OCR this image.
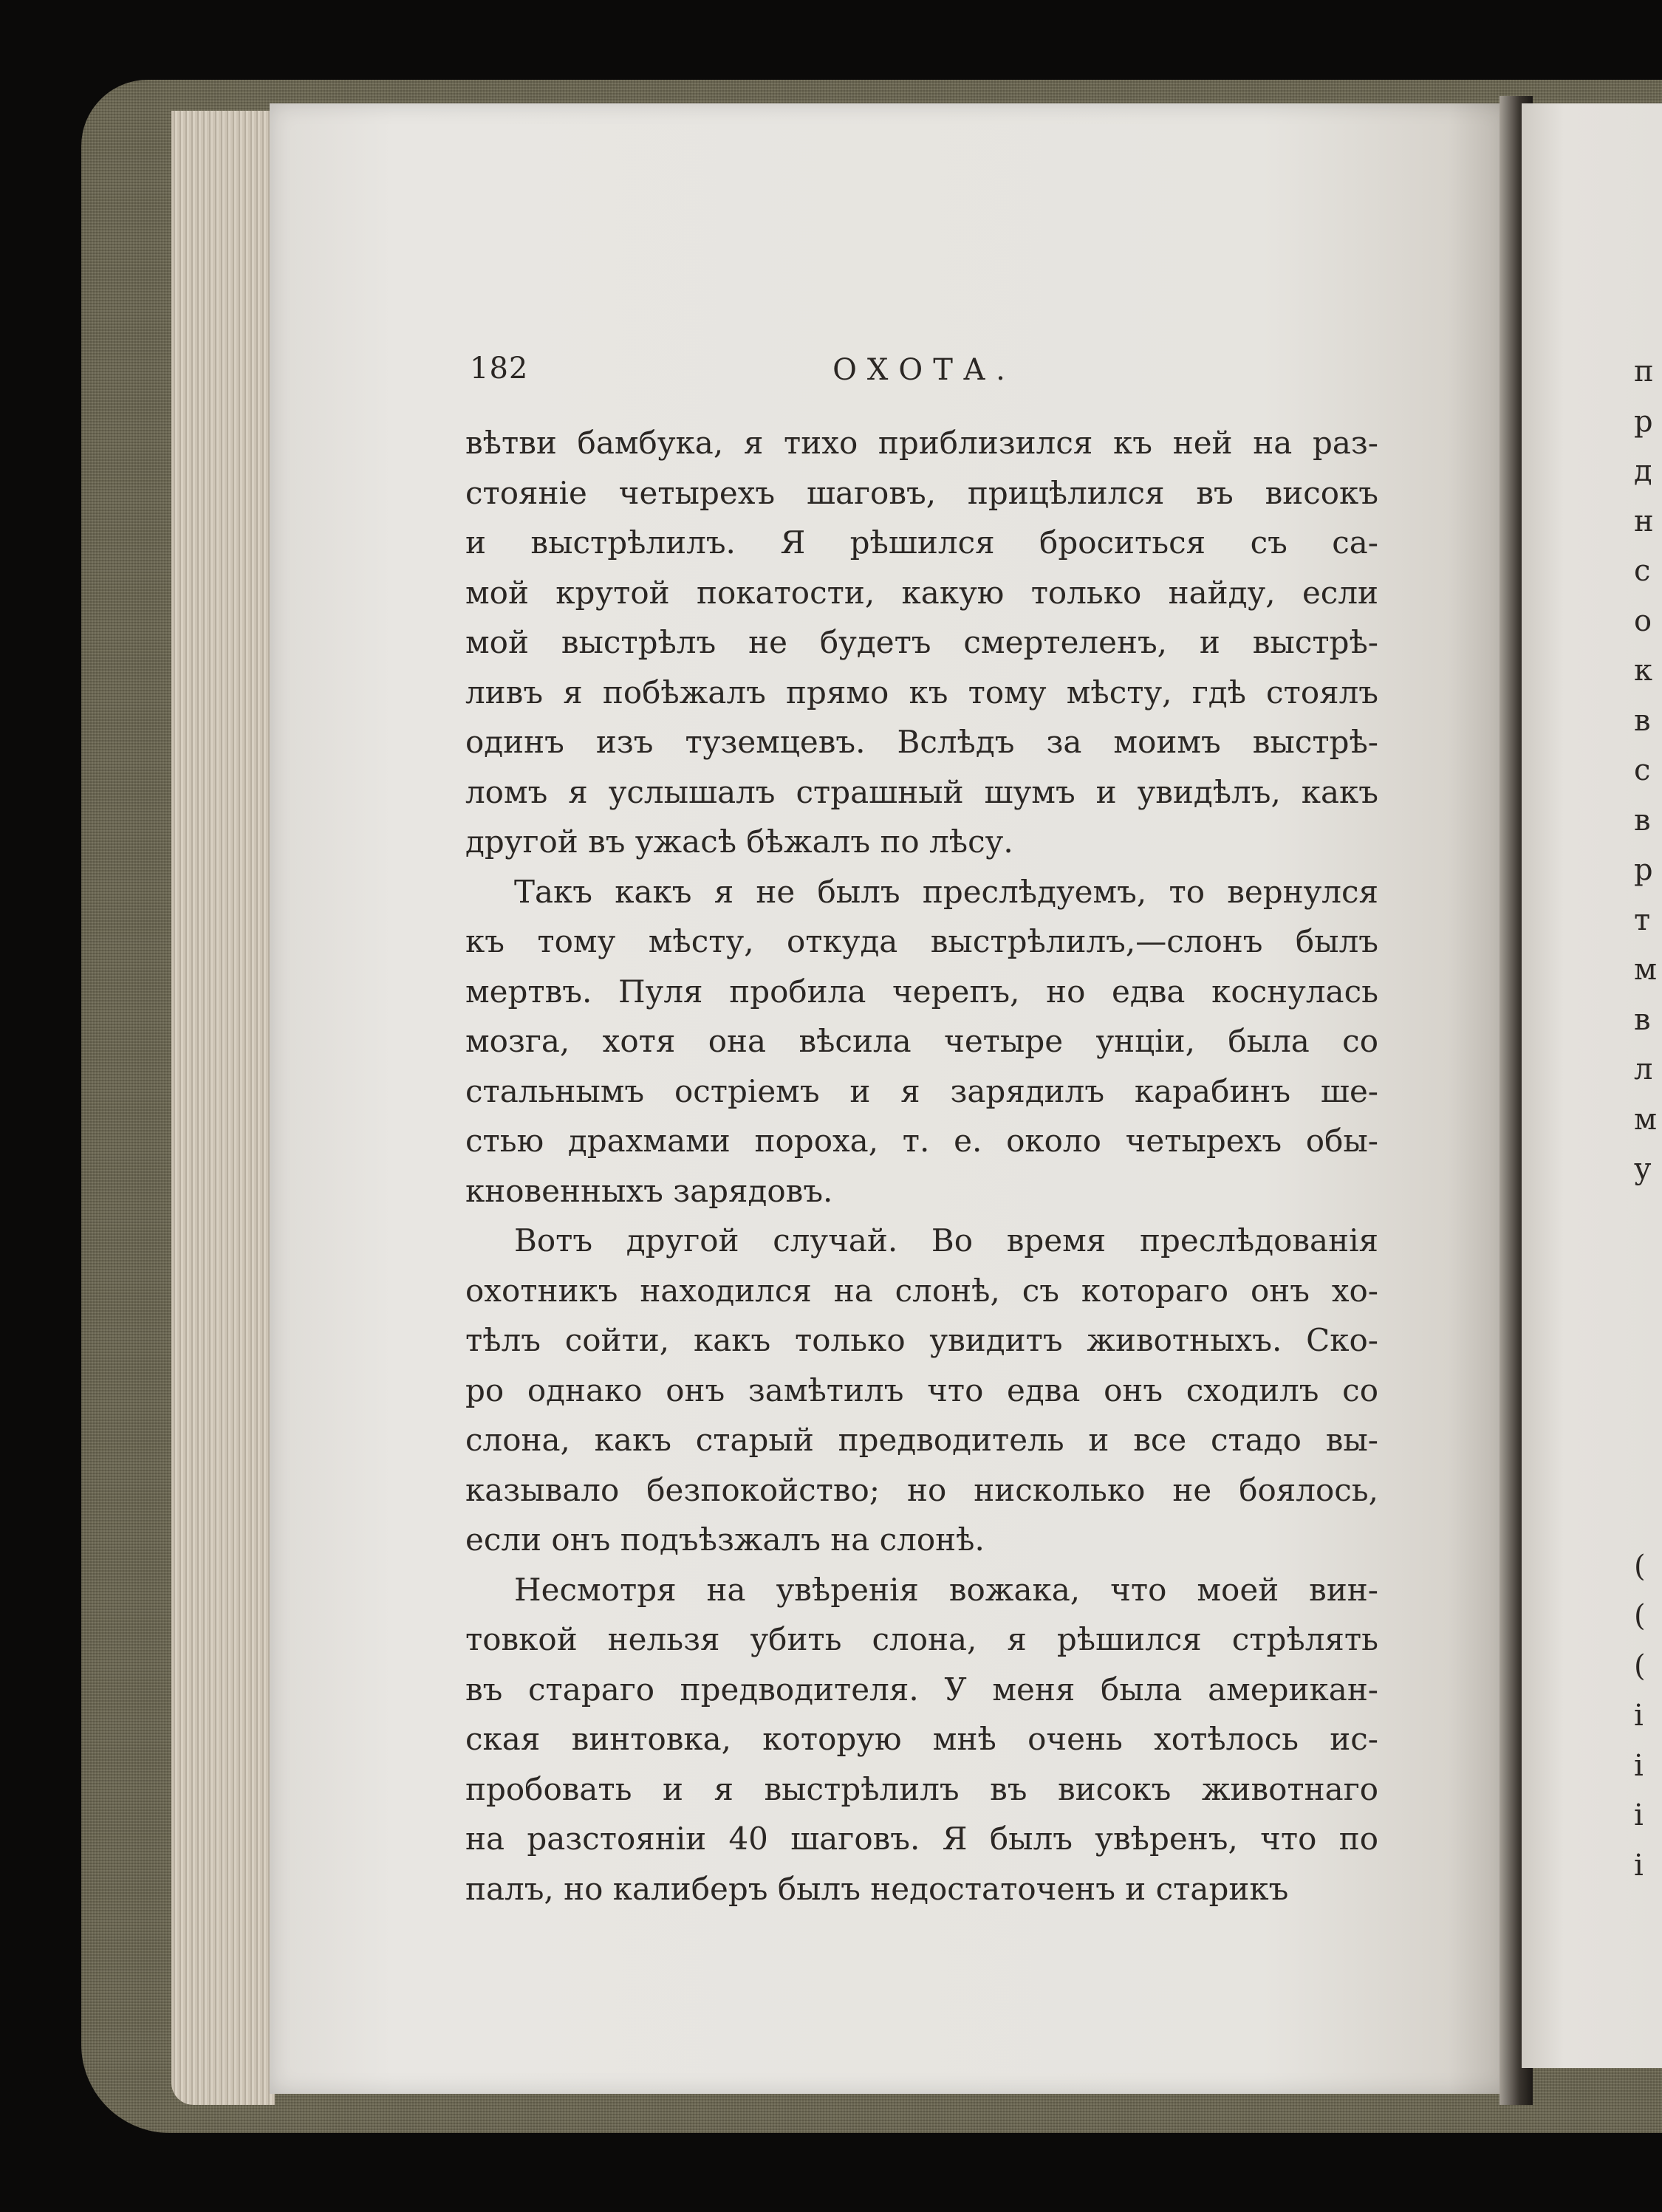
182	ОХОТА.
вѣтви бамбука, я тихо приблизился къ ней на раз-
стояніе четырехъ шаговъ, прицѣлился въ високъ
и выстрѣлилъ. Я рѣшился броситься съ са-
мой крутой покатости, какую только найду, если
мой выстрѣлъ не будетъ смертеленъ, и выстрѣ-
ливъ я побѣжалъ прямо къ тому мѣсту, гдѣ стоялъ
одинъ изъ туземцевъ. Вслѣдъ за моимъ выстрѣ-
ломъ я услышалъ страшный шумъ и увидѣлъ, какъ
другой въ ужасѣ бѣжалъ по лѣсу.
Такъ какъ я не былъ преслѣдуемъ, то вернулся
къ тому мѣсту, откуда выстрѣлилъ,—слонъ былъ
мертвъ. Пуля пробила черепъ, но едва коснулась
мозга, хотя она вѣсила четыре унціи, была со
стальнымъ остріемъ и я зарядилъ карабинъ ше-
стью драхмами пороха, т. е. около четырехъ обы-
кновенныхъ зарядовъ.
Вотъ другой случай. Во время преслѣдованія
охотникъ находился на слонѣ, съ котораго онъ хо-
тѣлъ сойти, какъ только увидитъ животныхъ. Ско-
ро однако онъ замѣтилъ что едва онъ сходилъ со
слона, какъ старый предводитель и все стадо вы-
казывало безпокойство; но нисколько не боялось,
если онъ подъѣзжалъ на слонѣ.
Несмотря на увѣренія вожака, что моей вин-
товкой нельзя убить слона, я рѣшился стрѣлять
въ стараго предводителя. У меня была американ-
ская винтовка, которую мнѣ очень хотѣлось ис-
пробовать и я выстрѣлилъ въ високъ животнаго
на разстояніи 40 шаговъ. Я былъ увѣренъ, что по
палъ, но калиберъ былъ недостаточенъ и старикъ
п
р
д
н
с
о
к
в
с
в
р
т
м
в
л
м
у
(
(
(
і
і
і
і
